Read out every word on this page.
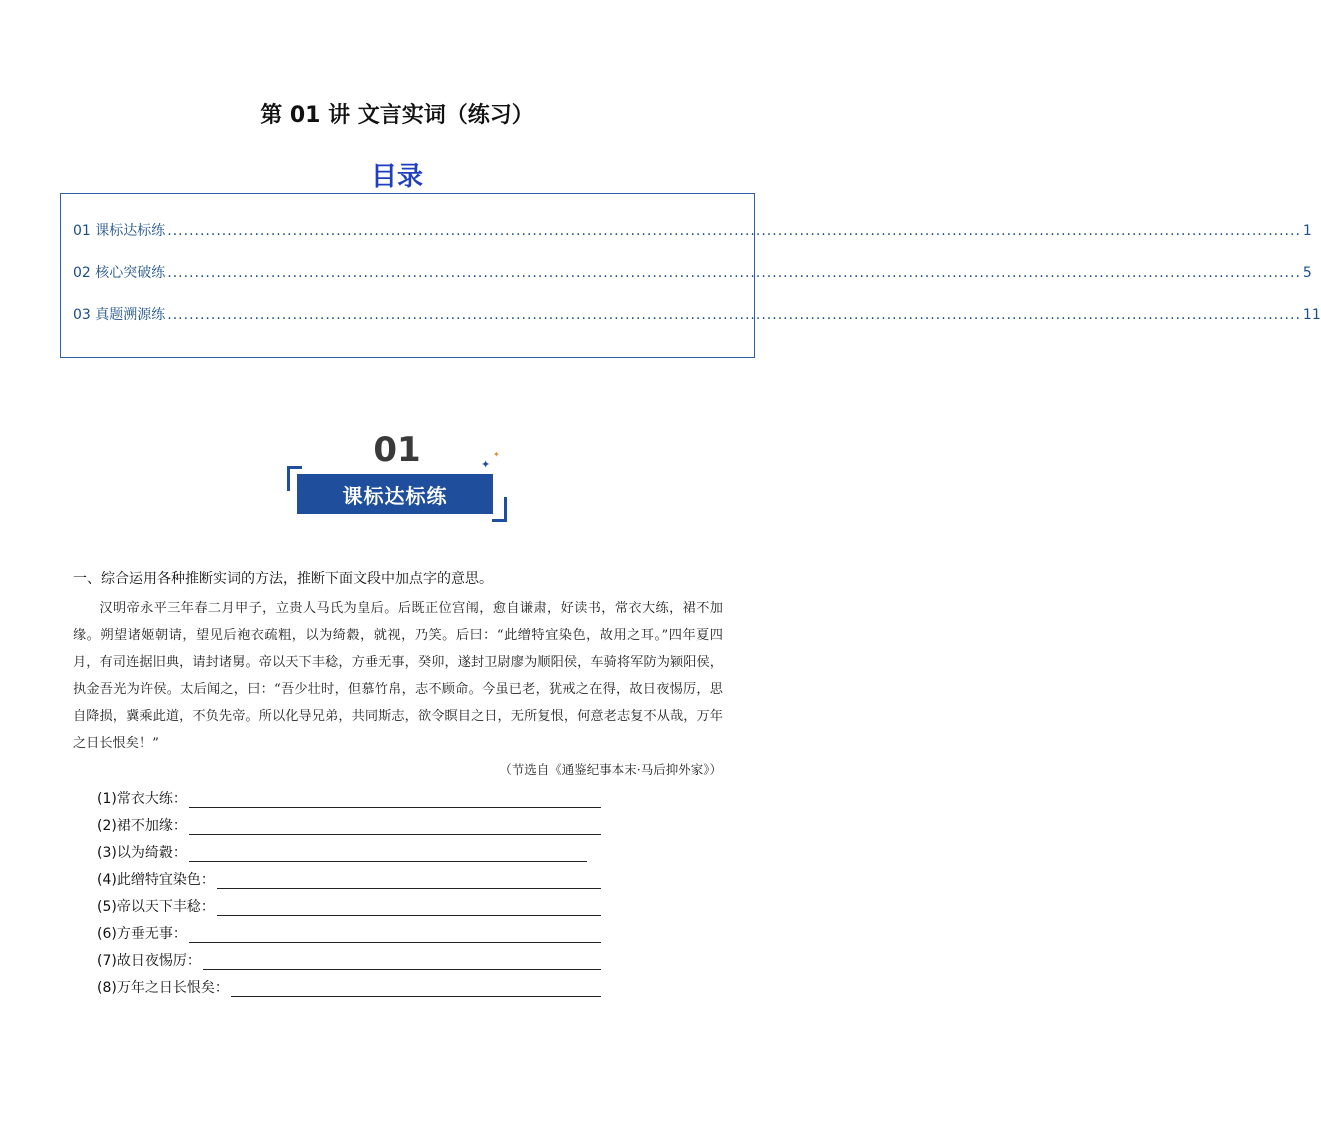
第 01 讲 文言实词（练习）
目录
01 课标达标练 ................................................................................................................................................................................................................ 1
02 核心突破练 ................................................................................................................................................................................................................ 5
03 真题溯源练 ................................................................................................................................................................................................................ 11
01	✦
✦
课标达标练
一、综合运用各种推断实词的方法，推断下面文段中加点字的意思。
汉明帝永平三年春二月甲子，立贵人马氏为皇后。后既正位宫闱，愈自谦肃，好读书，常衣大练，裙不加缘。朔望诸姬朝请，望见后袍衣疏粗，以为绮縠，就视，乃笑。后曰：“此缯特宜染色，故用之耳。”四年夏四月，有司连据旧典，请封诸舅。帝以天下丰稔，方垂无事，癸卯，遂封卫尉廖为顺阳侯，车骑将军防为颍阳侯，执金吾光为许侯。太后闻之，曰：“吾少壮时，但慕竹帛，志不顾命。今虽已老，犹戒之在得，故日夜惕厉，思自降损，冀乘此道，不负先帝。所以化导兄弟，共同斯志，欲令瞑目之日，无所复恨，何意老志复不从哉，万年之日长恨矣！”
（节选自《通鉴纪事本末·马后抑外家》）
(1)常衣大练：
(2)裙不加缘：
(3)以为绮縠：
(4)此缯特宜染色：
(5)帝以天下丰稔：
(6)方垂无事：
(7)故日夜惕厉：
(8)万年之日长恨矣：
